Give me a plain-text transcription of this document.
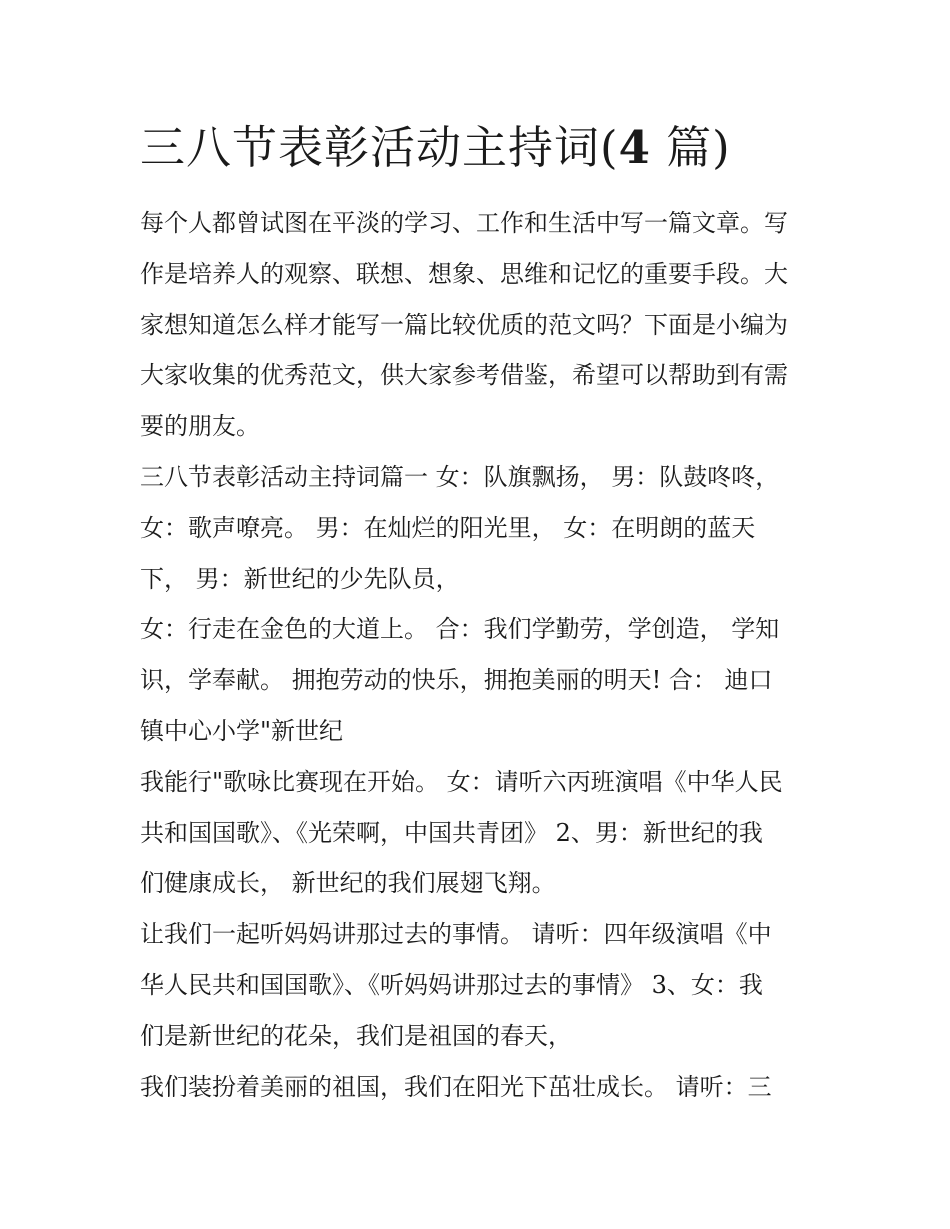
三八节表彰活动主持词(4 篇)
每个人都曾试图在平淡的学习、工作和生活中写一篇文章。写
作是培养人的观察、联想、想象、思维和记忆的重要手段。大
家想知道怎么样才能写一篇比较优质的范文吗？下面是小编为
大家收集的优秀范文，供大家参考借鉴，希望可以帮助到有需
要的朋友。
三八节表彰活动主持词篇一 女：队旗飘扬， 男：队鼓咚咚，
女：歌声嘹亮。 男：在灿烂的阳光里， 女：在明朗的蓝天
下， 男：新世纪的少先队员，
女：行走在金色的大道上。 合：我们学勤劳，学创造， 学知
识，学奉献。 拥抱劳动的快乐，拥抱美丽的明天! 合： 迪口
镇中心小学"新世纪
我能行"歌咏比赛现在开始。 女：请听六丙班演唱《中华人民
共和国国歌》、《光荣啊，中国共青团》 2、男：新世纪的我
们健康成长， 新世纪的我们展翅飞翔。
让我们一起听妈妈讲那过去的事情。 请听：四年级演唱《中
华人民共和国国歌》、《听妈妈讲那过去的事情》 3、女：我
们是新世纪的花朵，我们是祖国的春天，
我们装扮着美丽的祖国，我们在阳光下茁壮成长。 请听：三
